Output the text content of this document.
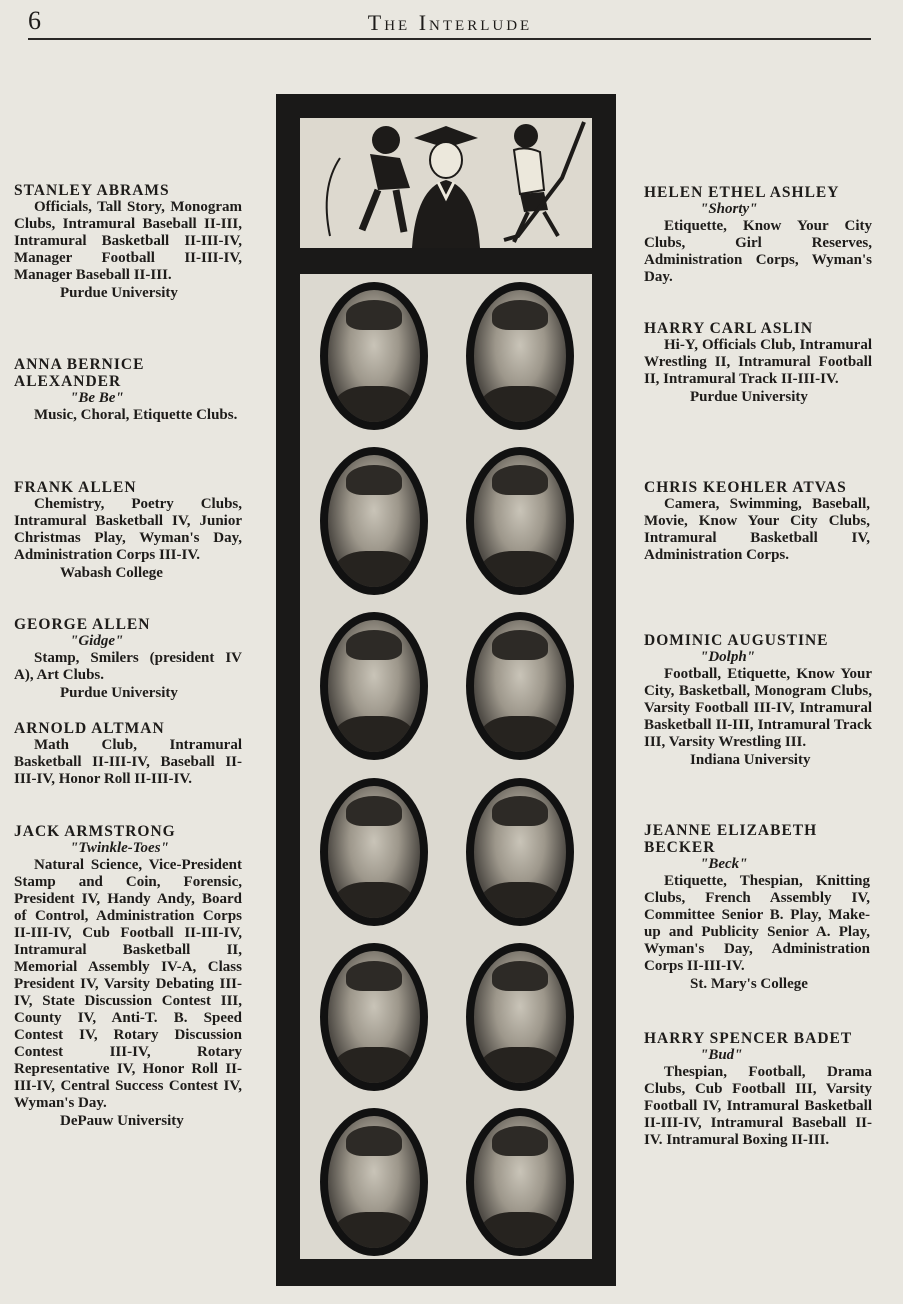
6	The Interlude
STANLEY ABRAMS
Officials, Tall Story, Monogram Clubs, Intramural Baseball II-III, Intramural Basketball II-III-IV, Manager Football II-III-IV, Manager Baseball II-III.
Purdue University
ANNA BERNICE ALEXANDER
"Be Be"
Music, Choral, Etiquette Clubs.
FRANK ALLEN
Chemistry, Poetry Clubs, Intramural Basketball IV, Junior Christmas Play, Wyman's Day, Administration Corps III-IV.
Wabash College
GEORGE ALLEN
"Gidge"
Stamp, Smilers (president IV A), Art Clubs.
Purdue University
ARNOLD ALTMAN
Math Club, Intramural Basketball II-III-IV, Baseball II-III-IV, Honor Roll II-III-IV.
JACK ARMSTRONG
"Twinkle-Toes"
Natural Science, Vice-President Stamp and Coin, Forensic, President IV, Handy Andy, Board of Control, Administration Corps II-III-IV, Cub Football II-III-IV, Intramural Basketball II, Memorial Assembly IV-A, Class President IV, Varsity Debating III-IV, State Discussion Contest III, County IV, Anti-T. B. Speed Contest IV, Rotary Discussion Contest III-IV, Rotary Representative IV, Honor Roll II-III-IV, Central Success Contest IV, Wyman's Day.
DePauw University
HELEN ETHEL ASHLEY
"Shorty"
Etiquette, Know Your City Clubs, Girl Reserves, Administration Corps, Wyman's Day.
HARRY CARL ASLIN
Hi-Y, Officials Club, Intramural Wrestling II, Intramural Football II, Intramural Track II-III-IV.
Purdue University
CHRIS KEOHLER ATVAS
Camera, Swimming, Baseball, Movie, Know Your City Clubs, Intramural Basketball IV, Administration Corps.
DOMINIC AUGUSTINE
"Dolph"
Football, Etiquette, Know Your City, Basketball, Monogram Clubs, Varsity Football III-IV, Intramural Basketball II-III, Intramural Track III, Varsity Wrestling III.
Indiana University
JEANNE ELIZABETH BECKER
"Beck"
Etiquette, Thespian, Knitting Clubs, French Assembly IV, Committee Senior B. Play, Make-up and Publicity Senior A. Play, Wyman's Day, Administration Corps II-III-IV.
St. Mary's College
HARRY SPENCER BADET
"Bud"
Thespian, Football, Drama Clubs, Cub Football III, Varsity Football IV, Intramural Basketball II-III-IV, Intramural Baseball II-IV. Intramural Boxing II-III.
